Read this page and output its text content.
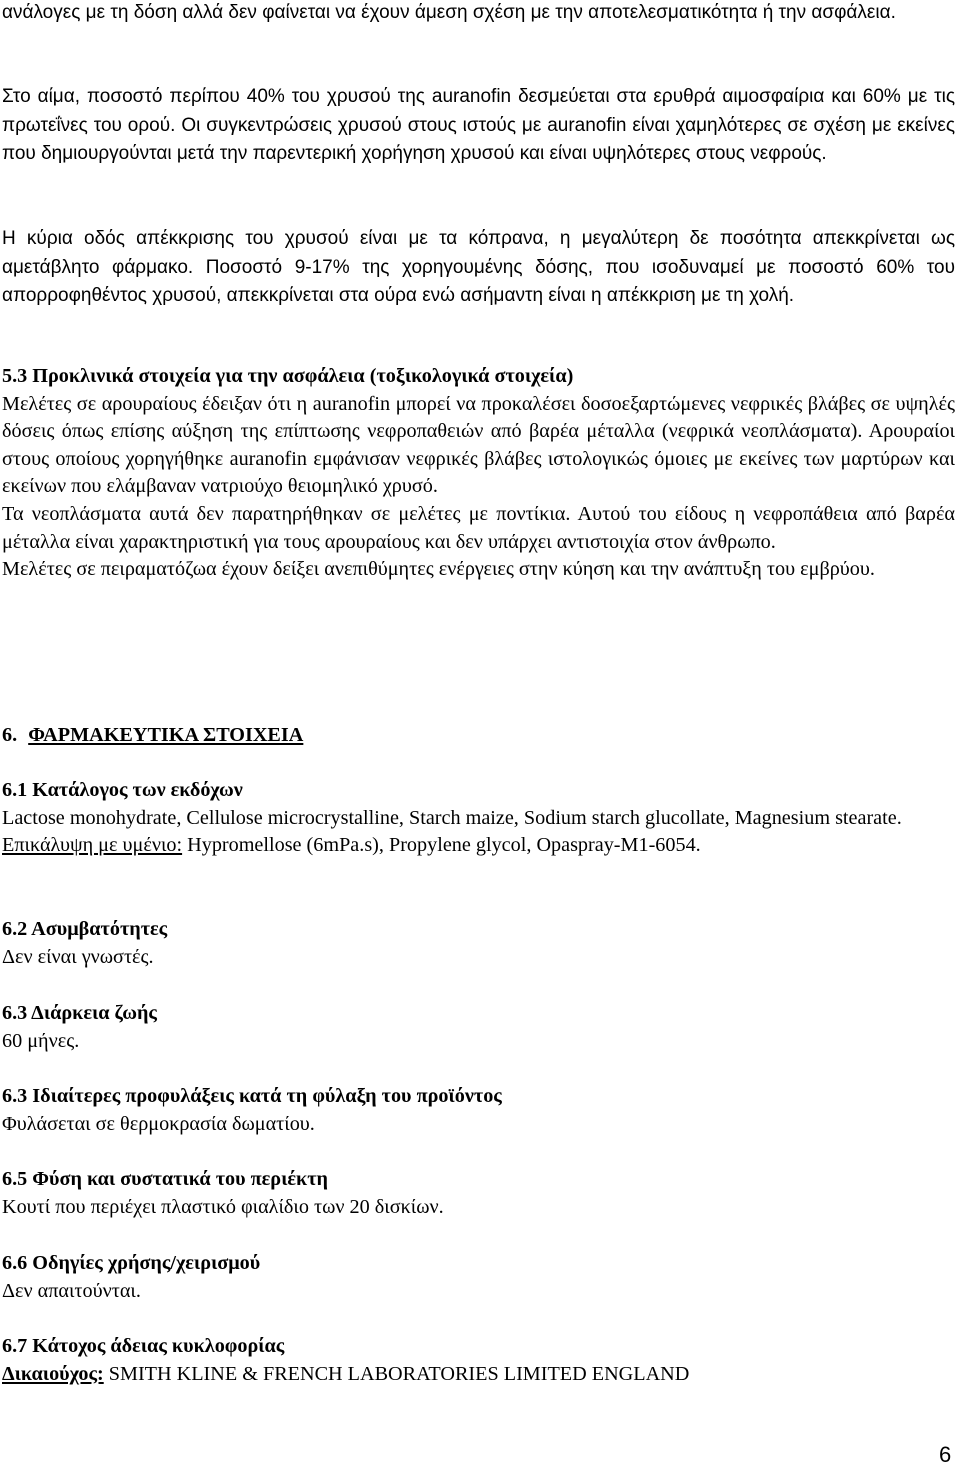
ανάλογες με τη δόση αλλά δεν φαίνεται να έχουν άμεση σχέση με την αποτελεσματικότητα ή την ασφάλεια.

Στο αίμα, ποσοστό περίπου 40% του χρυσού της auranofin δεσμεύεται στα ερυθρά αιμοσφαίρια και 60% με τις πρωτεΐνες του ορού. Οι συγκεντρώσεις χρυσού στους ιστούς με auranofin είναι χαμηλότερες σε σχέση με εκείνες που δημιουργούνται μετά την παρεντερική χορήγηση χρυσού και είναι υψηλότερες στους νεφρούς.

Η κύρια οδός απέκκρισης του χρυσού είναι με τα κόπρανα, η μεγαλύτερη δε ποσότητα απεκκρίνεται ως αμετάβλητο φάρμακο. Ποσοστό 9-17% της χορηγουμένης δόσης, που ισοδυναμεί με ποσοστό 60% του απορροφηθέντος χρυσού, απεκκρίνεται στα ούρα ενώ ασήμαντη είναι η απέκκριση με τη χολή.

5.3 Προκλινικά στοιχεία για την ασφάλεια (τοξικολογικά στοιχεία)
Μελέτες σε αρουραίους έδειξαν ότι η auranofin μπορεί να προκαλέσει δοσοεξαρτώμενες νεφρικές βλάβες σε υψηλές δόσεις όπως επίσης αύξηση της επίπτωσης νεφροπαθειών από βαρέα μέταλλα (νεφρικά νεοπλάσματα). Αρουραίοι στους οποίους χορηγήθηκε auranofin εμφάνισαν νεφρικές βλάβες ιστολογικώς όμοιες με εκείνες των μαρτύρων και εκείνων που ελάμβαναν νατριούχο θειομηλικό χρυσό.
Τα νεοπλάσματα αυτά δεν παρατηρήθηκαν σε μελέτες με ποντίκια. Αυτού του είδους η νεφροπάθεια από βαρέα μέταλλα είναι χαρακτηριστική για τους αρουραίους και δεν υπάρχει αντιστοιχία στον άνθρωπο.
Μελέτες σε πειραματόζωα έχουν δείξει ανεπιθύμητες ενέργειες στην κύηση και την ανάπτυξη του εμβρύου.
6. ΦΑΡΜΑΚΕΥΤΙΚΑ ΣΤΟΙΧΕΙΑ
6.1 Κατάλογος των εκδόχων
Lactose monohydrate, Cellulose microcrystalline, Starch maize, Sodium starch glucollate, Magnesium stearate.
Επικάλυψη με υμένιο: Hypromellose (6mPa.s), Propylene glycol, Opaspray-M1-6054.
6.2 Ασυμβατότητες
Δεν είναι γνωστές.
6.3 Διάρκεια ζωής
60 μήνες.
6.3 Ιδιαίτερες προφυλάξεις κατά τη φύλαξη του προϊόντος
Φυλάσεται σε θερμοκρασία δωματίου.
6.5 Φύση και συστατικά του περιέκτη
Κουτί που περιέχει πλαστικό φιαλίδιο των 20 δισκίων.
6.6 Οδηγίες χρήσης/χειρισμού
Δεν απαιτούνται.
6.7 Κάτοχος άδειας κυκλοφορίας
Δικαιούχος: SMITH KLINE & FRENCH LABORATORIES LIMITED ENGLAND
6
